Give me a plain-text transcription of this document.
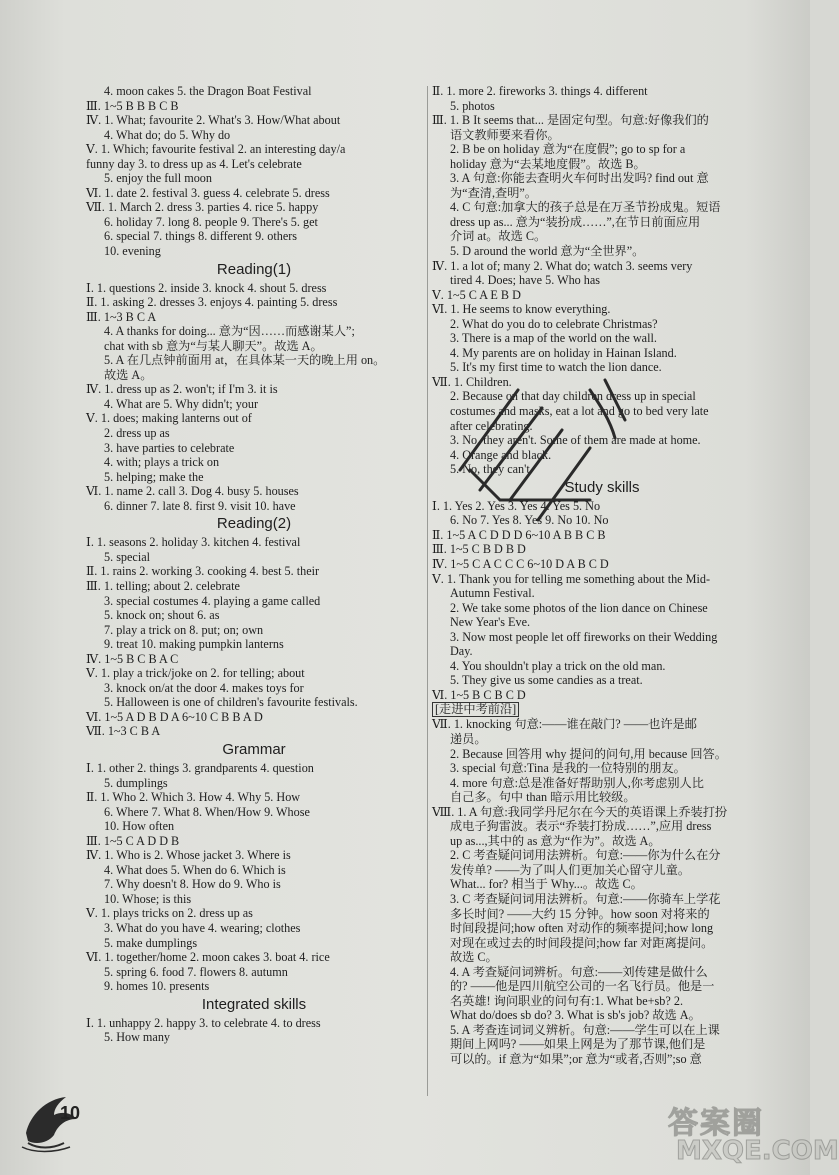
4. moon cakes 5. the Dragon Boat Festival
Ⅲ. 1~5 B B B C B
Ⅳ. 1. What; favourite 2. What's 3. How/What about
4. What do; do 5. Why do
Ⅴ. 1. Which; favourite festival 2. an interesting day/a
funny day 3. to dress up as 4. Let's celebrate
5. enjoy the full moon
Ⅵ. 1. date 2. festival 3. guess 4. celebrate 5. dress
Ⅶ. 1. March 2. dress 3. parties 4. rice 5. happy
6. holiday 7. long 8. people 9. There's 5. get
6. special 7. things 8. different 9. others
10. evening
Reading(1)
Ⅰ. 1. questions 2. inside 3. knock 4. shout 5. dress
Ⅱ. 1. asking 2. dresses 3. enjoys 4. painting 5. dress
Ⅲ. 1~3 B C A
4. A thanks for doing... 意为“因……而感谢某人”;
chat with sb 意为“与某人聊天”。故选 A。
5. A 在几点钟前面用 at，在具体某一天的晚上用 on。
故选 A。
Ⅳ. 1. dress up as 2. won't; if I'm 3. it is
4. What are 5. Why didn't; your
Ⅴ. 1. does; making lanterns out of
2. dress up as
3. have parties to celebrate
4. with; plays a trick on
5. helping; make the
Ⅵ. 1. name 2. call 3. Dog 4. busy 5. houses
6. dinner 7. late 8. first 9. visit 10. have
Reading(2)
Ⅰ. 1. seasons 2. holiday 3. kitchen 4. festival
5. special
Ⅱ. 1. rains 2. working 3. cooking 4. best 5. their
Ⅲ. 1. telling; about 2. celebrate
3. special costumes 4. playing a game called
5. knock on; shout 6. as
7. play a trick on 8. put; on; own
9. treat 10. making pumpkin lanterns
Ⅳ. 1~5 B C B A C
Ⅴ. 1. play a trick/joke on 2. for telling; about
3. knock on/at the door 4. makes toys for
5. Halloween is one of children's favourite festivals.
Ⅵ. 1~5 A D B D A 6~10 C B B A D
Ⅶ. 1~3 C B A
Grammar
Ⅰ. 1. other 2. things 3. grandparents 4. question
5. dumplings
Ⅱ. 1. Who 2. Which 3. How 4. Why 5. How
6. Where 7. What 8. When/How 9. Whose
10. How often
Ⅲ. 1~5 C A D D B
Ⅳ. 1. Who is 2. Whose jacket 3. Where is
4. What does 5. When do 6. Which is
7. Why doesn't 8. How do 9. Who is
10. Whose; is this
Ⅴ. 1. plays tricks on 2. dress up as
3. What do you have 4. wearing; clothes
5. make dumplings
Ⅵ. 1. together/home 2. moon cakes 3. boat 4. rice
5. spring 6. food 7. flowers 8. autumn
9. homes 10. presents
Integrated skills
Ⅰ. 1. unhappy 2. happy 3. to celebrate 4. to dress
5. How many
Ⅱ. 1. more 2. fireworks 3. things 4. different
5. photos
Ⅲ. 1. B It seems that... 是固定句型。句意:好像我们的
语文教师要来看你。
2. B be on holiday 意为“在度假”; go to sp for a
holiday 意为“去某地度假”。故选 B。
3. A 句意:你能去查明火车何时出发吗? find out 意
为“查清,查明”。
4. C 句意:加拿大的孩子总是在万圣节扮成鬼。短语
dress up as... 意为“装扮成……”,在节日前面应用
介词 at。故选 C。
5. D around the world 意为“全世界”。
Ⅳ. 1. a lot of; many 2. What do; watch 3. seems very
tired 4. Does; have 5. Who has
Ⅴ. 1~5 C A E B D
Ⅵ. 1. He seems to know everything.
2. What do you do to celebrate Christmas?
3. There is a map of the world on the wall.
4. My parents are on holiday in Hainan Island.
5. It's my first time to watch the lion dance.
Ⅶ. 1. Children.
2. Because on that day children dress up in special
costumes and masks, eat a lot and go to bed very late
after celebrating.
3. No, they aren't. Some of them are made at home.
4. Orange and black.
5. No, they can't.
Study skills
Ⅰ. 1. Yes 2. Yes 3. Yes 4. Yes 5. No
6. No 7. Yes 8. Yes 9. No 10. No
Ⅱ. 1~5 A C D D D 6~10 A B B C B
Ⅲ. 1~5 C B D B D
Ⅳ. 1~5 C A C C C 6~10 D A B C D
Ⅴ. 1. Thank you for telling me something about the Mid-
Autumn Festival.
2. We take some photos of the lion dance on Chinese
New Year's Eve.
3. Now most people let off fireworks on their Wedding
Day.
4. You shouldn't play a trick on the old man.
5. They give us some candies as a treat.
Ⅵ. 1~5 B C B C D
[走进中考前沿]
Ⅶ. 1. knocking 句意:——谁在敲门? ——也许是邮
递员。
2. Because 回答用 why 提问的问句,用 because 回答。
3. special 句意:Tina 是我的一位特别的朋友。
4. more 句意:总是准备好帮助别人,你考虑别人比
自己多。句中 than 暗示用比较级。
Ⅷ. 1. A 句意:我同学丹尼尔在今天的英语课上乔装打扮
成电子狗雷波。表示“乔装打扮成……”,应用 dress
up as...,其中的 as 意为“作为”。故选 A。
2. C 考查疑问词用法辨析。句意:——你为什么在分
发传单? ——为了叫人们更加关心留守儿童。
What... for? 相当于 Why...。故选 C。
3. C 考查疑问词用法辨析。句意:——你骑车上学花
多长时间? ——大约 15 分钟。how soon 对将来的
时间段提问;how often 对动作的频率提问;how long
对现在或过去的时间段提问;how far 对距离提问。
故选 C。
4. A 考查疑问词辨析。句意:——刘传建是做什么
的? ——他是四川航空公司的一名飞行员。他是一
名英雄! 询问职业的问句有:1. What be+sb? 2.
What do/does sb do? 3. What is sb's job? 故选 A。
5. A 考查连词词义辨析。句意:——学生可以在上课
期间上网吗? ——如果上网是为了那节课,他们是
可以的。if 意为“如果”;or 意为“或者,否则”;so 意
10	答案圈
MXQE.COM
